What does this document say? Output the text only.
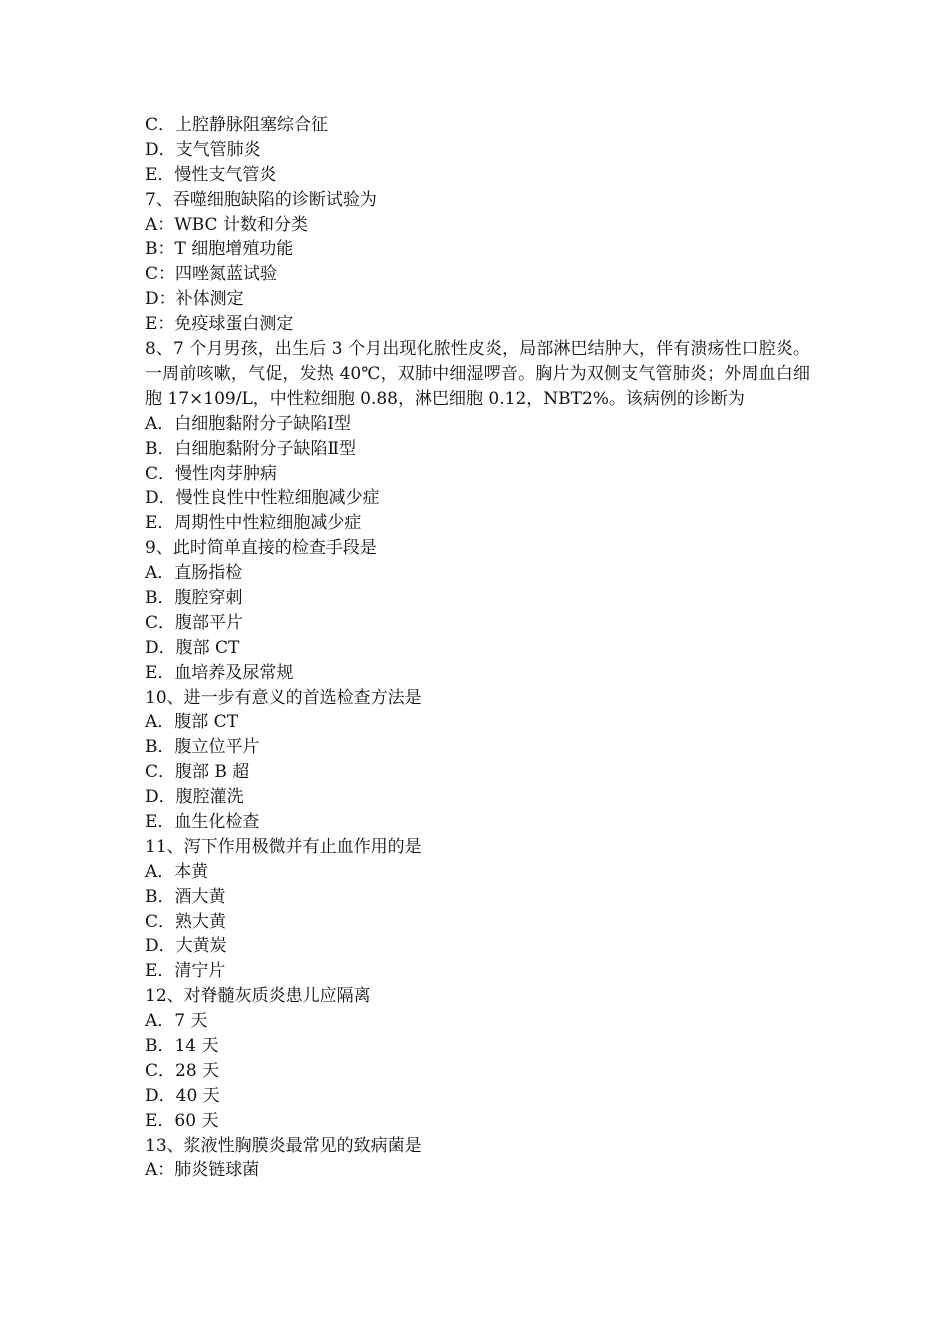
C．上腔静脉阻塞综合征
D．支气管肺炎
E．慢性支气管炎
7、吞噬细胞缺陷的诊断试验为
A：WBC 计数和分类
B：T 细胞增殖功能
C：四唑氮蓝试验
D：补体测定
E：免疫球蛋白测定
8、7 个月男孩，出生后 3 个月出现化脓性皮炎，局部淋巴结肿大，伴有溃疡性口腔炎。一周前咳嗽，气促，发热 40℃，双肺中细湿啰音。胸片为双侧支气管肺炎；外周血白细胞 17×109/L，中性粒细胞 0.88，淋巴细胞 0.12，NBT2%。该病例的诊断为
A．白细胞黏附分子缺陷Ⅰ型
B．白细胞黏附分子缺陷Ⅱ型
C．慢性肉芽肿病
D．慢性良性中性粒细胞减少症
E．周期性中性粒细胞减少症
9、此时简单直接的检查手段是
A．直肠指检
B．腹腔穿刺
C．腹部平片
D．腹部 CT
E．血培养及尿常规
10、进一步有意义的首选检查方法是
A．腹部 CT
B．腹立位平片
C．腹部 B 超
D．腹腔灌洗
E．血生化检查
11、泻下作用极微并有止血作用的是
A．本黄
B．酒大黄
C．熟大黄
D．大黄炭
E．清宁片
12、对脊髓灰质炎患儿应隔离
A．7 天
B．14 天
C．28 天
D．40 天
E．60 天
13、浆液性胸膜炎最常见的致病菌是
A：肺炎链球菌
